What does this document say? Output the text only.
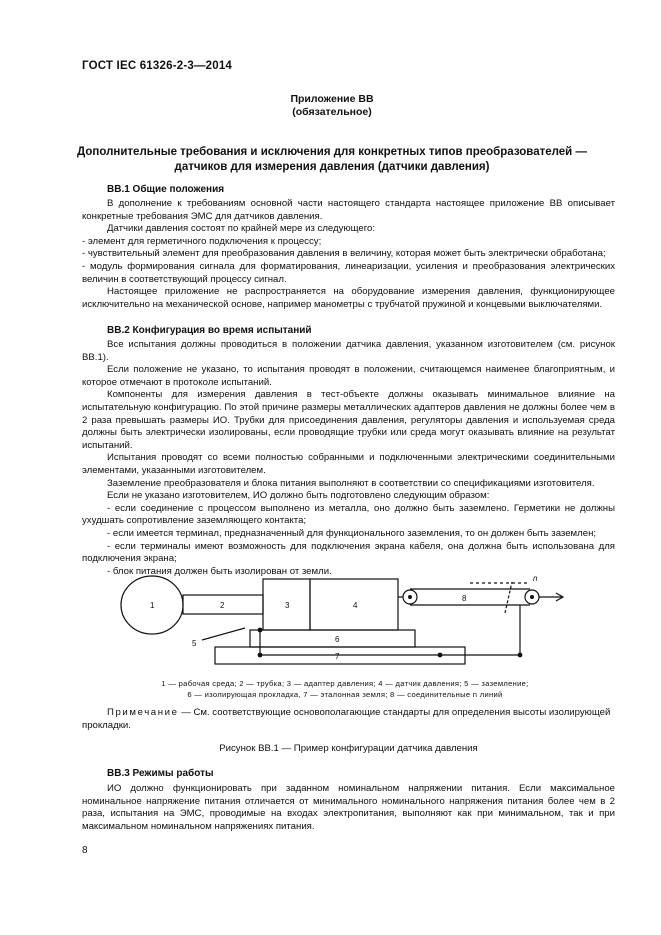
ГОСТ IEC 61326-2-3—2014
Приложение ВВ
(обязательное)
Дополнительные требования и исключения для конкретных типов преобразователей —
датчиков для измерения давления (датчики давления)
ВВ.1 Общие положения

В дополнение к требованиям основной части настоящего стандарта настоящее приложение ВВ описывает конкретные требования ЭМС для датчиков давления.

Датчики давления состоят по крайней мере из следующего:

- элемент для герметичного подключения к процессу;

- чувствительный элемент для преобразования давления в величину, которая может быть электрически обработана;

- модуль формирования сигнала для форматирования, линеаризации, усиления и преобразования электрических величин в соответствующий процессу сигнал.

Настоящее приложение не распространяется на оборудование измерения давления, функционирующее исключительно на механической основе, например манометры с трубчатой пружиной и концевыми выключателями.

ВВ.2 Конфигурация во время испытаний

Все испытания должны проводиться в положении датчика давления, указанном изготовителем (см. рисунок ВВ.1).

Если положение не указано, то испытания проводят в положении, считающемся наименее благоприятным, и которое отмечают в протоколе испытаний.

Компоненты для измерения давления в тест-объекте должны оказывать минимальное влияние на испытательную конфигурацию. По этой причине размеры металлических адаптеров давления не должны более чем в 2 раза превышать размеры ИО. Трубки для присоединения давления, регуляторы давления и используемая среда должны быть электрически изолированы, если проводящие трубки или среда могут оказывать влияние на результат испытаний.

Испытания проводят со всеми полностью собранными и подключенными электрическими соединительными элементами, указанными изготовителем.

Заземление преобразователя и блока питания выполняют в соответствии со спецификациями изготовителя.

Если не указано изготовителем, ИО должно быть подготовлено следующим образом:

- если соединение с процессом выполнено из металла, оно должно быть заземлено. Герметики не должны ухудшать сопротивление заземляющего контакта;

- если имеется терминал, предназначенный для функционального заземления, то он должен быть заземлен;

- если терминалы имеют возможность для подключения экрана кабеля, она должна быть использована для подключения экрана;

- блок питания должен быть изолирован от земли.

1	2	3	4
5	6
7
8
n
1 — рабочая среда; 2 — трубка; 3 — адаптер давления; 4 — датчик давления; 5 — заземление;
6 — изолирующая прокладка, 7 — эталонная земля; 8 — соединительные n линий
Примечание — См. соответствующие основополагающие стандарты для определения высоты изолирующей прокладки.
Рисунок ВВ.1 — Пример конфигурации датчика давления
ВВ.3 Режимы работы

ИО должно функционировать при заданном номинальном напряжении питания. Если максимальное номинальное напряжение питания отличается от минимального номинального напряжения питания более чем в 2 раза, испытания на ЭМС, проводимые на входах электропитания, выполняют как при минимальном, так и при максимальном номинальном напряжениях питания.

8
